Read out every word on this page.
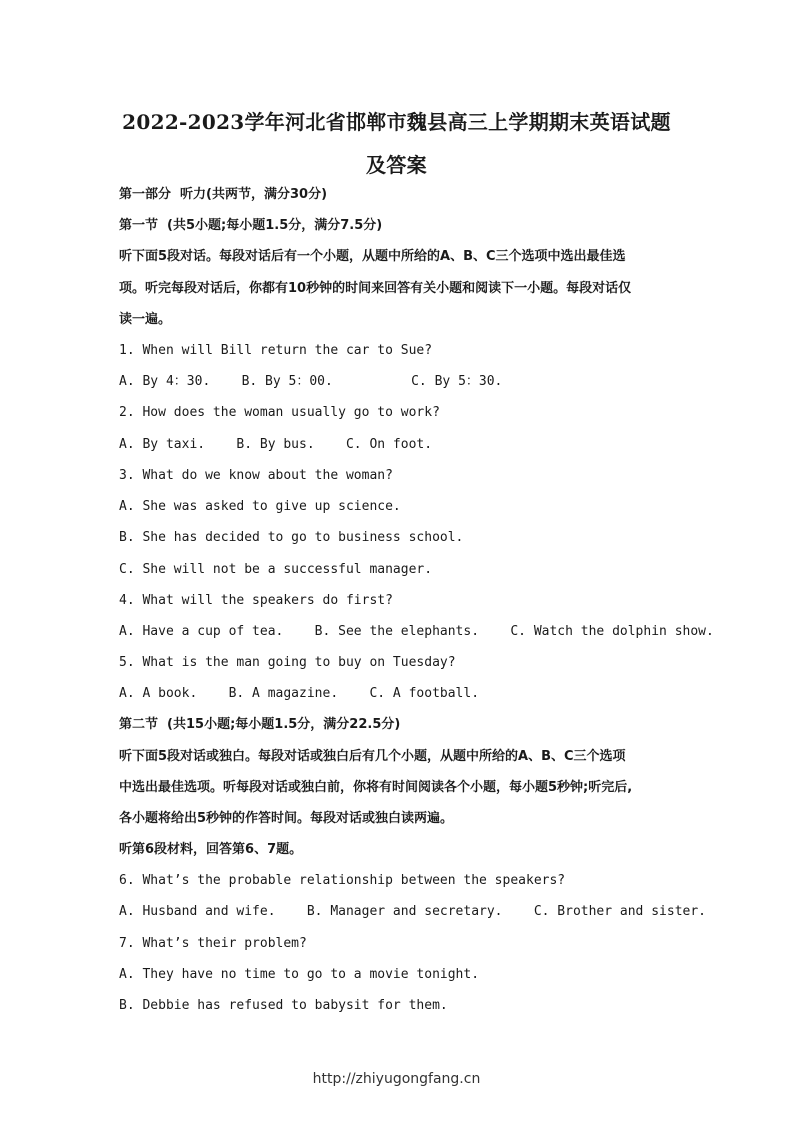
2022-2023学年河北省邯郸市魏县高三上学期期末英语试题
及答案
第一部分  听力(共两节，满分30分)
第一节  (共5小题;每小题1.5分，满分7.5分)
听下面5段对话。每段对话后有一个小题，从题中所给的A、B、C三个选项中选出最佳选
项。听完每段对话后，你都有10秒钟的时间来回答有关小题和阅读下一小题。每段对话仅
读一遍。
1. When will Bill return the car to Sue?
A. By 4：30.    B. By 5：00.          C. By 5：30.
2. How does the woman usually go to work?
A. By taxi.    B. By bus.    C. On foot.
3. What do we know about the woman?
A. She was asked to give up science.
B. She has decided to go to business school.
C. She will not be a successful manager.
4. What will the speakers do first?
A. Have a cup of tea.    B. See the elephants.    C. Watch the dolphin show.
5. What is the man going to buy on Tuesday?
A. A book.    B. A magazine.    C. A football.
第二节  (共15小题;每小题1.5分，满分22.5分)
听下面5段对话或独白。每段对话或独白后有几个小题，从题中所给的A、B、C三个选项
中选出最佳选项。听每段对话或独白前，你将有时间阅读各个小题，每小题5秒钟;听完后,
各小题将给出5秒钟的作答时间。每段对话或独白读两遍。
听第6段材料，回答第6、7题。
6. What’s the probable relationship between the speakers?
A. Husband and wife.    B. Manager and secretary.    C. Brother and sister.
7. What’s their problem?
A. They have no time to go to a movie tonight.
B. Debbie has refused to babysit for them.
http://zhiyugongfang.cn
